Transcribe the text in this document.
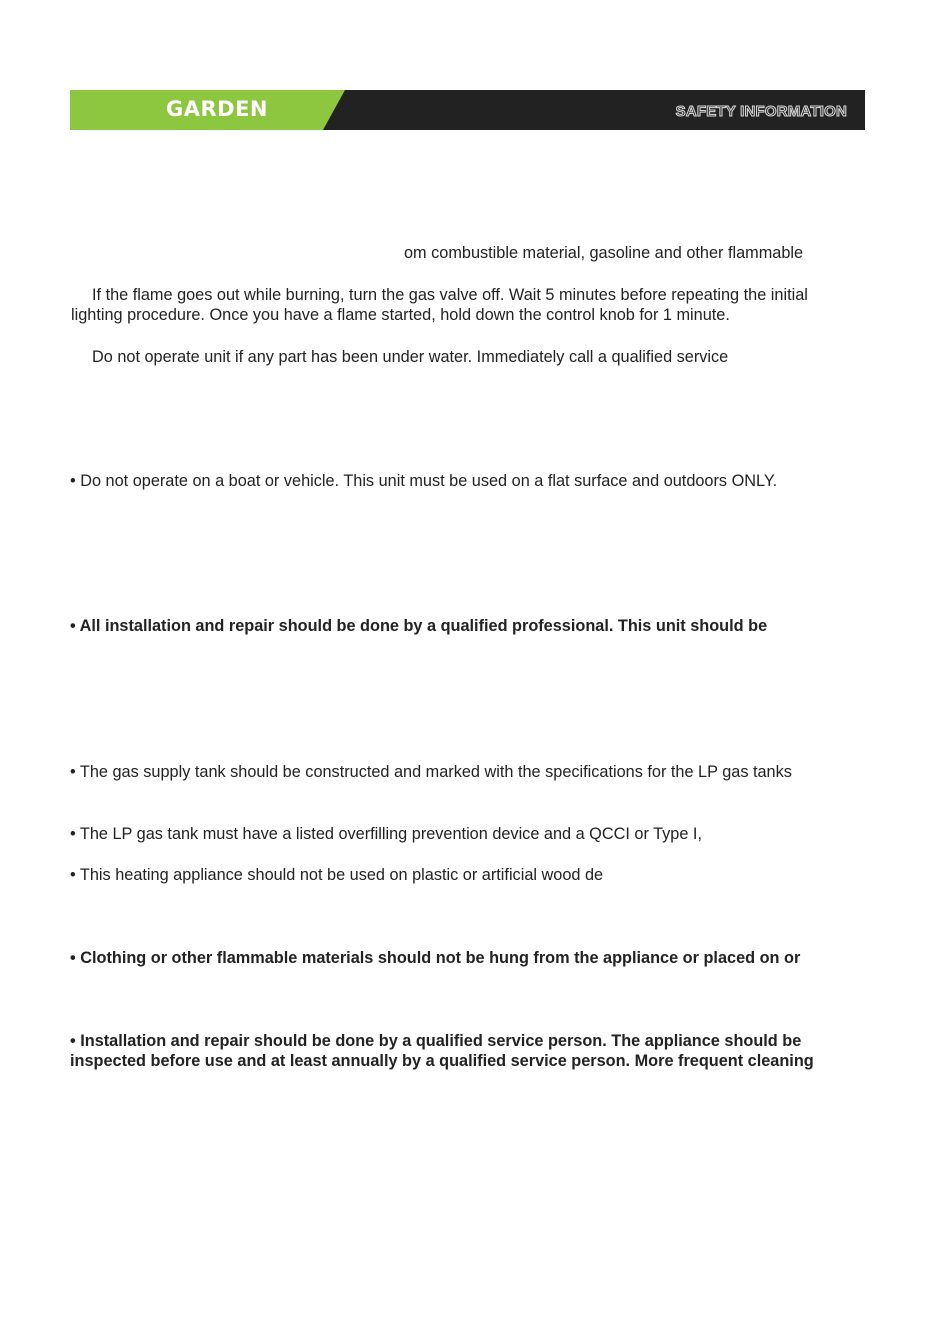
GARDEN	SAFETY INFORMATION
om combustible material, gasoline and other flammable
If the flame goes out while burning, turn the gas valve off. Wait 5 minutes before repeating the initial
lighting procedure. Once you have a flame started, hold down the control knob for 1 minute.
Do not operate unit if any part has been under water. Immediately call a qualified service
• Do not operate on a boat or vehicle. This unit must be used on a flat surface and outdoors ONLY.
• All installation and repair should be done by a qualified professional. This unit should be
• The gas supply tank should be constructed and marked with the specifications for the LP gas tanks
• The LP gas tank must have a listed overfilling prevention device and a QCCI or Type I,
• This heating appliance should not be used on plastic or artificial wood de
• Clothing or other flammable materials should not be hung from the appliance or placed on or
• Installation and repair should be done by a qualified service person. The appliance should be
inspected before use and at least annually by a qualified service person. More frequent cleaning
